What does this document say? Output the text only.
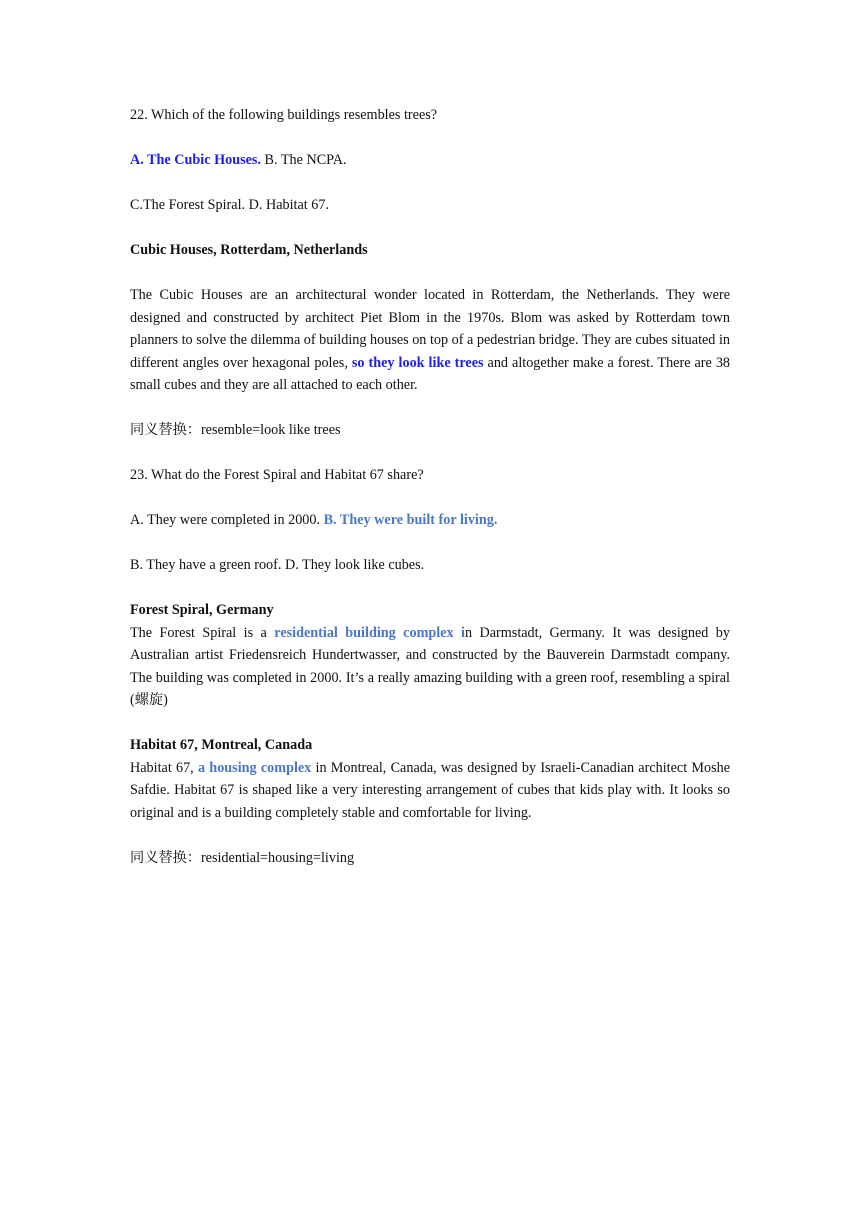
22. Which of the following buildings resembles trees?

A. The Cubic Houses. B. The NCPA.

C.The Forest Spiral. D. Habitat 67.

Cubic Houses, Rotterdam, Netherlands

The Cubic Houses are an architectural wonder located in Rotterdam, the Netherlands. They were designed and constructed by architect Piet Blom in the 1970s. Blom was asked by Rotterdam town planners to solve the dilemma of building houses on top of a pedestrian bridge. They are cubes situated in different angles over hexagonal poles, so they look like trees and altogether make a forest. There are 38 small cubes and they are all attached to each other.

同义替换：resemble=look like trees

23. What do the Forest Spiral and Habitat 67 share?

A. They were completed in 2000. B. They were built for living.

B. They have a green roof. D. They look like cubes.

Forest Spiral, Germany

The Forest Spiral is a residential building complex in Darmstadt, Germany. It was designed by Australian artist Friedensreich Hundertwasser, and constructed by the Bauverein Darmstadt company. The building was completed in 2000. It’s a really amazing building with a green roof, resembling a spiral (螺旋)

Habitat 67, Montreal, Canada

Habitat 67, a housing complex in Montreal, Canada, was designed by Israeli-Canadian architect Moshe Safdie. Habitat 67 is shaped like a very interesting arrangement of cubes that kids play with. It looks so original and is a building completely stable and comfortable for living.

同义替换：residential=housing=living
